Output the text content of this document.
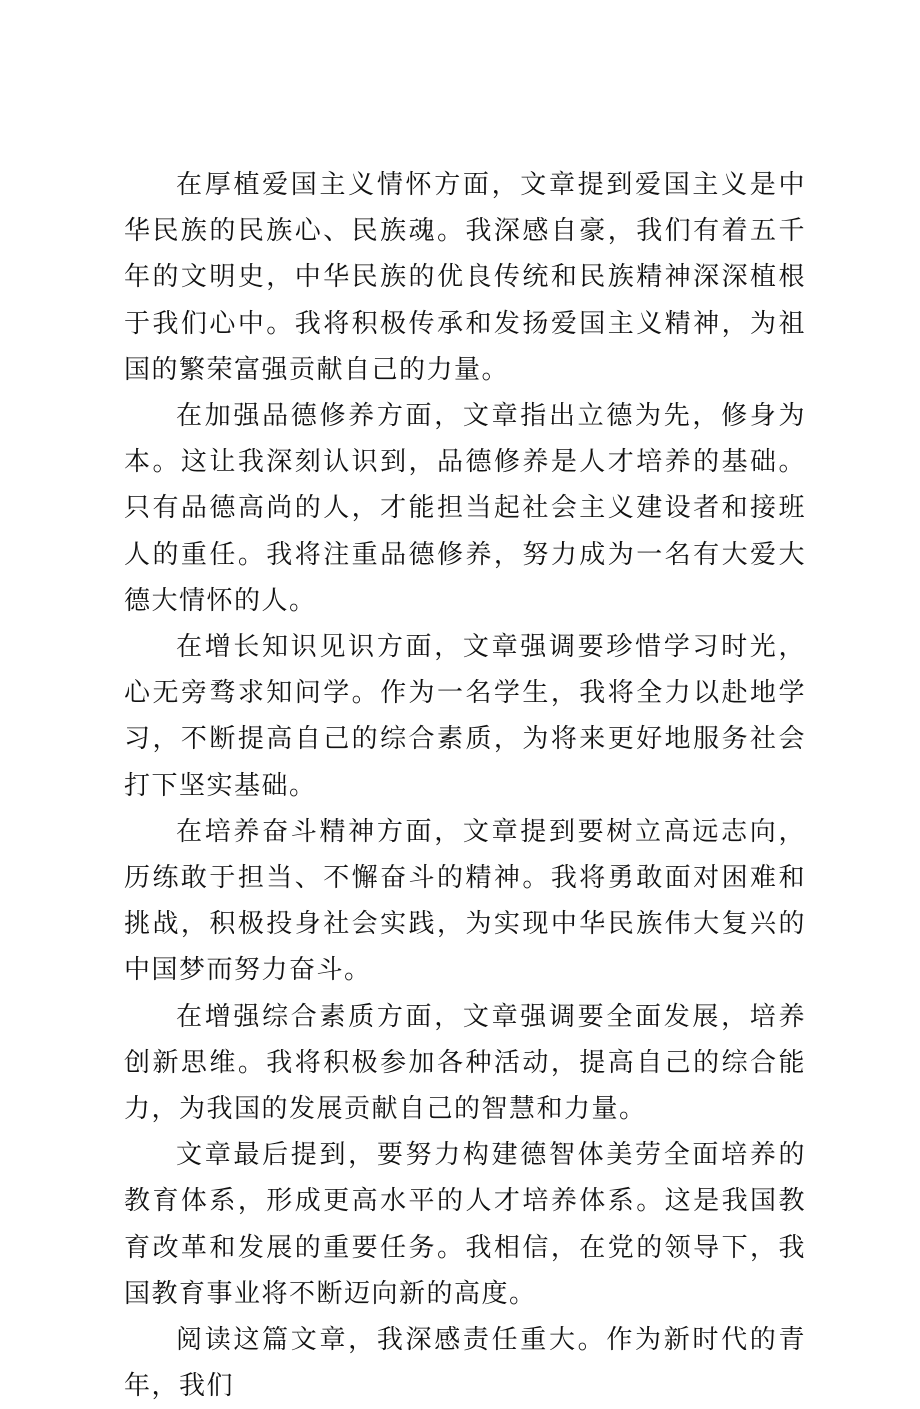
在厚植爱国主义情怀方面，文章提到爱国主义是中华民族的民族心、民族魂。我深感自豪，我们有着五千年的文明史，中华民族的优良传统和民族精神深深植根于我们心中。我将积极传承和发扬爱国主义精神，为祖国的繁荣富强贡献自己的力量。

在加强品德修养方面，文章指出立德为先，修身为本。这让我深刻认识到，品德修养是人才培养的基础。只有品德高尚的人，才能担当起社会主义建设者和接班人的重任。我将注重品德修养，努力成为一名有大爱大德大情怀的人。

在增长知识见识方面，文章强调要珍惜学习时光，心无旁骛求知问学。作为一名学生，我将全力以赴地学习，不断提高自己的综合素质，为将来更好地服务社会打下坚实基础。

在培养奋斗精神方面，文章提到要树立高远志向，历练敢于担当、不懈奋斗的精神。我将勇敢面对困难和挑战，积极投身社会实践，为实现中华民族伟大复兴的中国梦而努力奋斗。

在增强综合素质方面，文章强调要全面发展，培养创新思维。我将积极参加各种活动，提高自己的综合能力，为我国的发展贡献自己的智慧和力量。

文章最后提到，要努力构建德智体美劳全面培养的教育体系，形成更高水平的人才培养体系。这是我国教育改革和发展的重要任务。我相信，在党的领导下，我国教育事业将不断迈向新的高度。

阅读这篇文章，我深感责任重大。作为新时代的青年，我们
